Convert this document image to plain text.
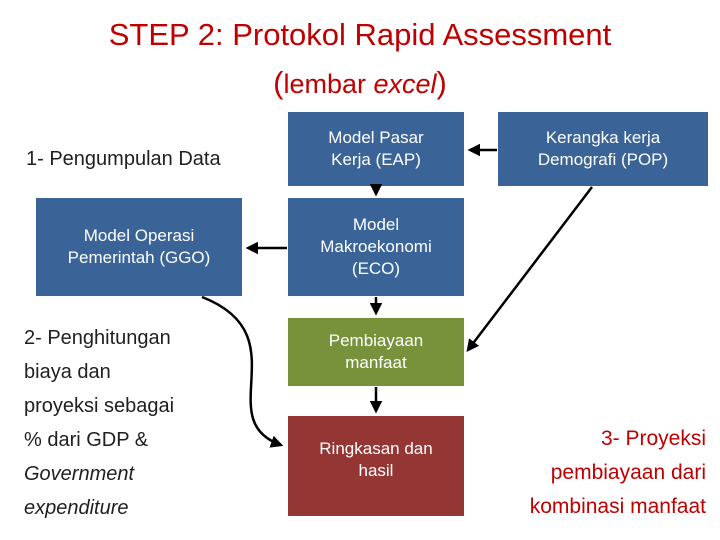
STEP 2: Protokol Rapid Assessment
(lembar excel)
1- Pengumpulan Data
Model Pasar
Kerja (EAP)
Kerangka kerja
Demografi (POP)
Model Operasi
Pemerintah (GGO)
Model
Makroekonomi
(ECO)
Pembiayaan
manfaat
Ringkasan dan
hasil
2- Penghitungan
biaya dan
proyeksi sebagai
% dari GDP &
Government
expenditure
3- Proyeksi
pembiayaan dari
kombinasi manfaat
